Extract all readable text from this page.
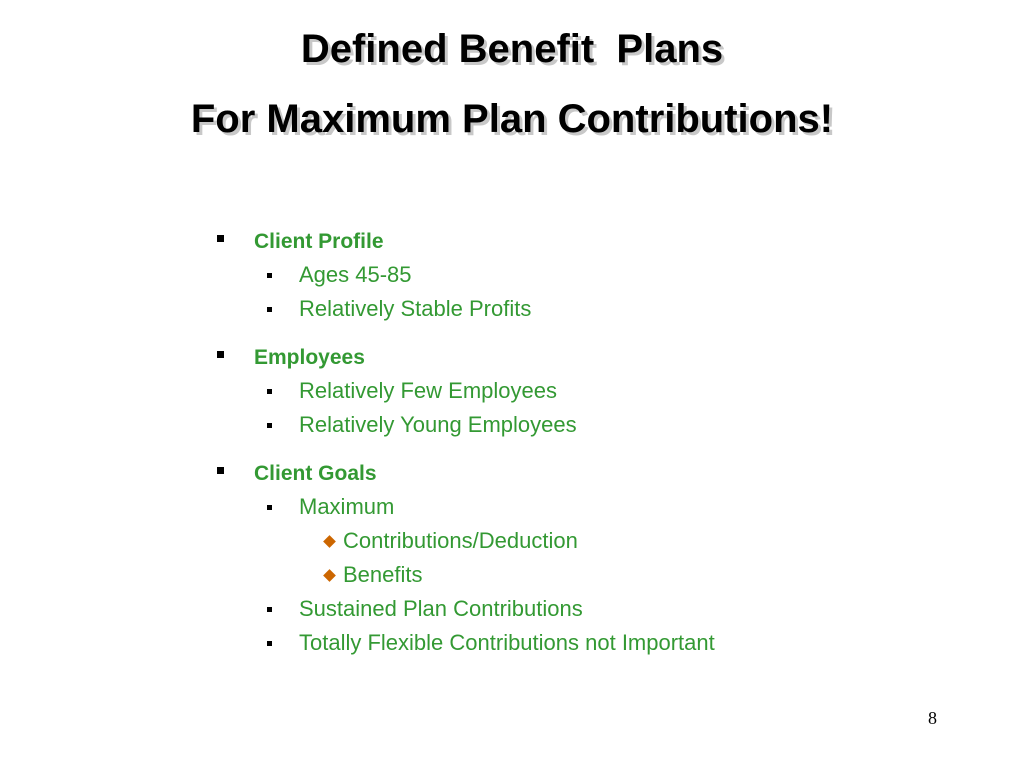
Defined Benefit  Plans
For Maximum Plan Contributions!
Client Profile
Ages 45-85
Relatively Stable Profits
Employees
Relatively Few Employees
Relatively Young Employees
Client Goals
Maximum
Contributions/Deduction
Benefits
Sustained Plan Contributions
Totally Flexible Contributions not Important
8
